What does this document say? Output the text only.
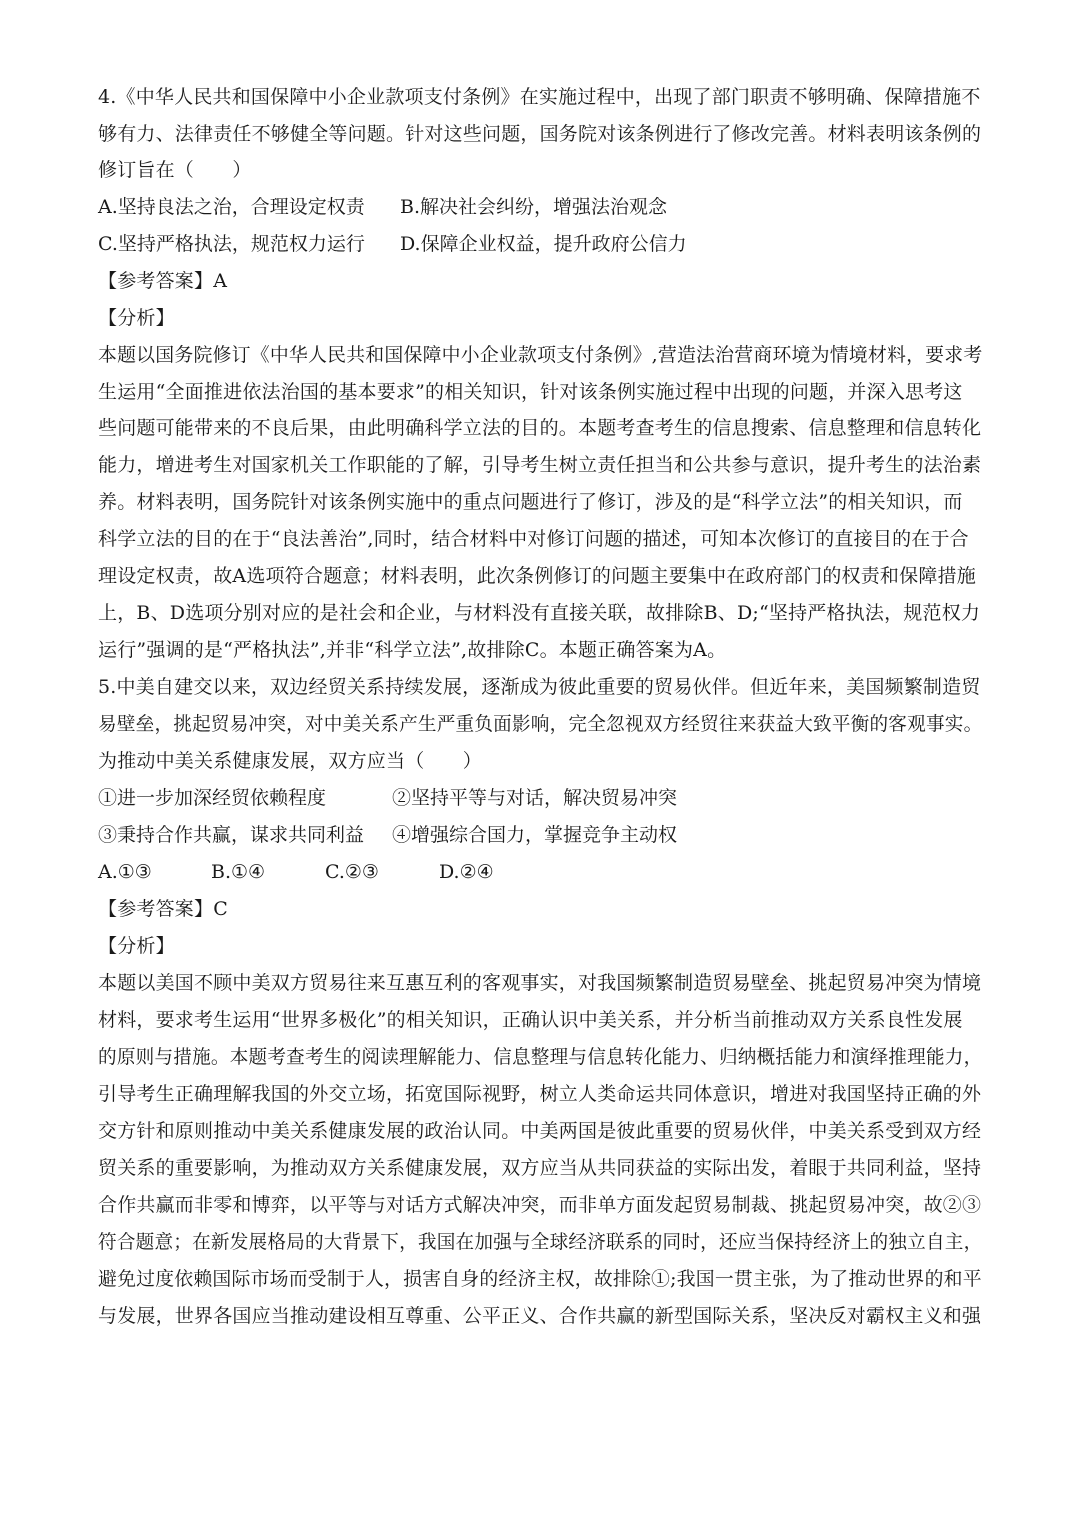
4.《中华人民共和国保障中小企业款项支付条例》在实施过程中，出现了部门职责不够明确、保障措施不
够有力、法律责任不够健全等问题。针对这些问题，国务院对该条例进行了修改完善。材料表明该条例的
修订旨在（　　）
A.坚持良法之治，合理设定权责 B.解决社会纠纷，增强法治观念
C.坚持严格执法，规范权力运行 D.保障企业权益，提升政府公信力
【参考答案】A
【分析】
本题以国务院修订《中华人民共和国保障中小企业款项支付条例》,营造法治营商环境为情境材料，要求考
生运用“全面推进依法治国的基本要求”的相关知识，针对该条例实施过程中出现的问题，并深入思考这
些问题可能带来的不良后果，由此明确科学立法的目的。本题考查考生的信息搜索、信息整理和信息转化
能力，增进考生对国家机关工作职能的了解，引导考生树立责任担当和公共参与意识，提升考生的法治素
养。材料表明，国务院针对该条例实施中的重点问题进行了修订，涉及的是“科学立法”的相关知识，而
科学立法的目的在于“良法善治”,同时，结合材料中对修订问题的描述，可知本次修订的直接目的在于合
理设定权责，故A选项符合题意；材料表明，此次条例修订的问题主要集中在政府部门的权责和保障措施
上，B、D选项分别对应的是社会和企业，与材料没有直接关联，故排除B、D;“坚持严格执法，规范权力
运行”强调的是“严格执法”,并非“科学立法”,故排除C。本题正确答案为A。
5.中美自建交以来，双边经贸关系持续发展，逐渐成为彼此重要的贸易伙伴。但近年来，美国频繁制造贸
易壁垒，挑起贸易冲突，对中美关系产生严重负面影响，完全忽视双方经贸往来获益大致平衡的客观事实。
为推动中美关系健康发展，双方应当（　　）
①进一步加深经贸依赖程度	②坚持平等与对话，解决贸易冲突
③秉持合作共赢，谋求共同利益 ④增强综合国力，掌握竞争主动权
A.①③	B.①④	C.②③	D.②④
【参考答案】C
【分析】
本题以美国不顾中美双方贸易往来互惠互利的客观事实，对我国频繁制造贸易壁垒、挑起贸易冲突为情境
材料，要求考生运用“世界多极化”的相关知识，正确认识中美关系，并分析当前推动双方关系良性发展
的原则与措施。本题考查考生的阅读理解能力、信息整理与信息转化能力、归纳概括能力和演绎推理能力，
引导考生正确理解我国的外交立场，拓宽国际视野，树立人类命运共同体意识，增进对我国坚持正确的外
交方针和原则推动中美关系健康发展的政治认同。中美两国是彼此重要的贸易伙伴，中美关系受到双方经
贸关系的重要影响，为推动双方关系健康发展，双方应当从共同获益的实际出发，着眼于共同利益，坚持
合作共赢而非零和博弈，以平等与对话方式解决冲突，而非单方面发起贸易制裁、挑起贸易冲突，故②③
符合题意；在新发展格局的大背景下，我国在加强与全球经济联系的同时，还应当保持经济上的独立自主，
避免过度依赖国际市场而受制于人，损害自身的经济主权，故排除①;我国一贯主张，为了推动世界的和平
与发展，世界各国应当推动建设相互尊重、公平正义、合作共赢的新型国际关系，坚决反对霸权主义和强
